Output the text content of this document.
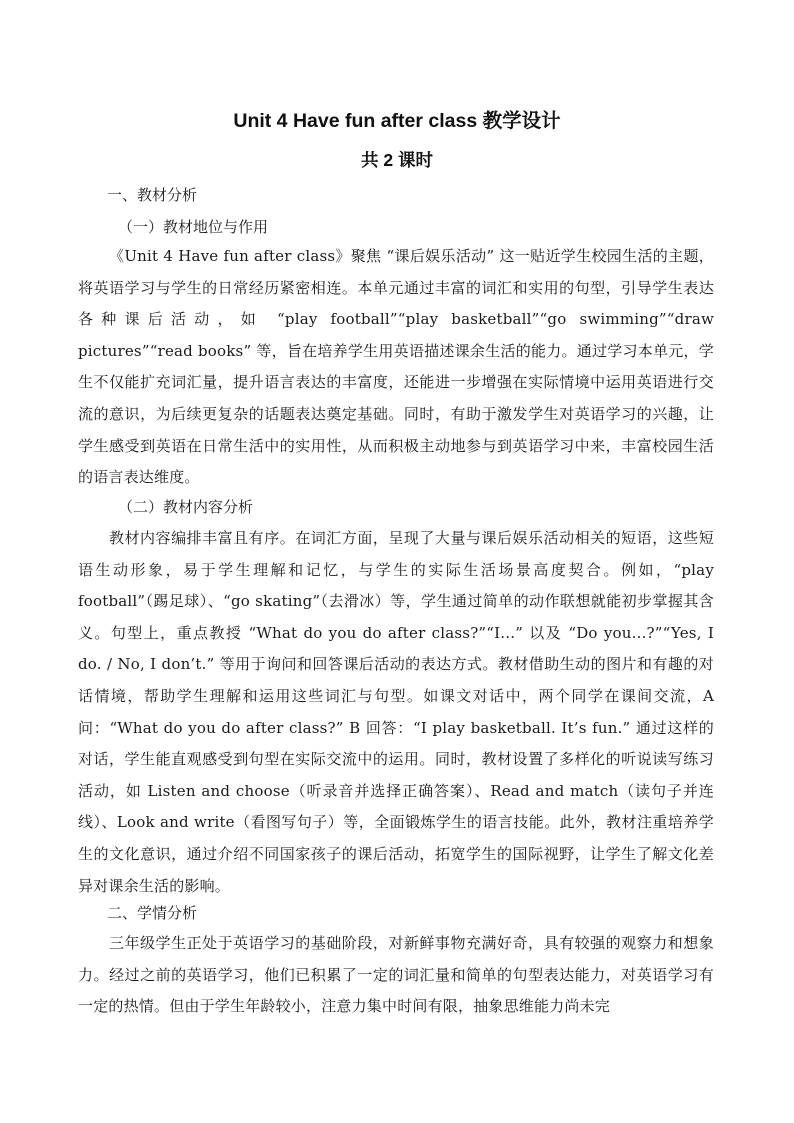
Unit 4 Have fun after class 教学设计
共 2 课时
一、教材分析
（一）教材地位与作用
《Unit 4 Have fun after class》聚焦 “课后娱乐活动” 这一贴近学生校园生活的主题，将英语学习与学生的日常经历紧密相连。本单元通过丰富的词汇和实用的句型，引导学生表达各种课后活动，如 “play football”“play basketball”“go swimming”“draw pictures”“read books” 等，旨在培养学生用英语描述课余生活的能力。通过学习本单元，学生不仅能扩充词汇量，提升语言表达的丰富度，还能进一步增强在实际情境中运用英语进行交流的意识，为后续更复杂的话题表达奠定基础。同时，有助于激发学生对英语学习的兴趣，让学生感受到英语在日常生活中的实用性，从而积极主动地参与到英语学习中来，丰富校园生活的语言表达维度。
（二）教材内容分析
教材内容编排丰富且有序。在词汇方面，呈现了大量与课后娱乐活动相关的短语，这些短语生动形象，易于学生理解和记忆，与学生的实际生活场景高度契合。例如，“play football”（踢足球）、“go skating”（去滑冰）等，学生通过简单的动作联想就能初步掌握其含义。句型上，重点教授 “What do you do after class?”“I...” 以及 “Do you...?”“Yes, I do. / No, I don’t.” 等用于询问和回答课后活动的表达方式。教材借助生动的图片和有趣的对话情境，帮助学生理解和运用这些词汇与句型。如课文对话中，两个同学在课间交流，A 问：“What do you do after class?” B 回答：“I play basketball. It’s fun.” 通过这样的对话，学生能直观感受到句型在实际交流中的运用。同时，教材设置了多样化的听说读写练习活动，如 Listen and choose（听录音并选择正确答案）、Read and match（读句子并连线）、Look and write（看图写句子）等，全面锻炼学生的语言技能。此外，教材注重培养学生的文化意识，通过介绍不同国家孩子的课后活动，拓宽学生的国际视野，让学生了解文化差异对课余生活的影响。
二、学情分析
三年级学生正处于英语学习的基础阶段，对新鲜事物充满好奇，具有较强的观察力和想象力。经过之前的英语学习，他们已积累了一定的词汇量和简单的句型表达能力，对英语学习有一定的热情。但由于学生年龄较小，注意力集中时间有限，抽象思维能力尚未完
